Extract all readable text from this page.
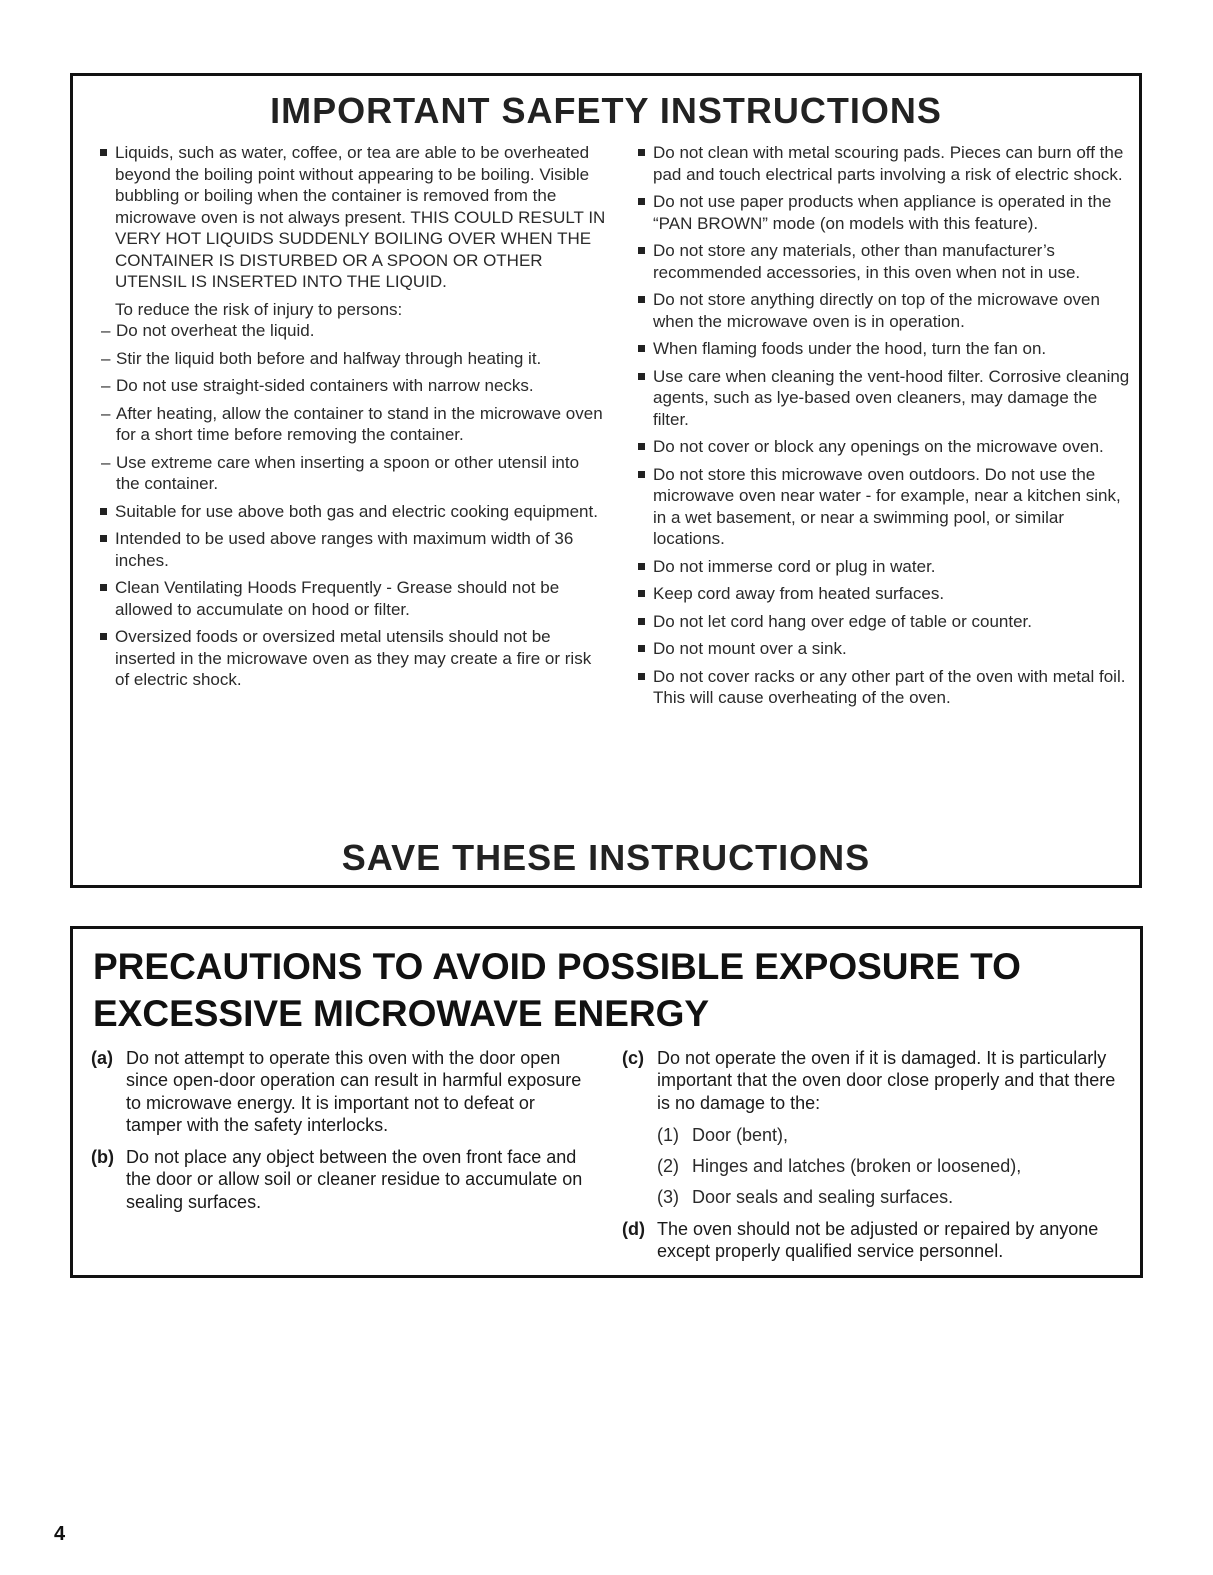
IMPORTANT SAFETY INSTRUCTIONS
Liquids, such as water, coffee, or tea are able to be overheated beyond the boiling point without appearing to be boiling. Visible bubbling or boiling when the container is removed from the microwave oven is not always present. THIS COULD RESULT IN VERY HOT LIQUIDS SUDDENLY BOILING OVER WHEN THE CONTAINER IS DISTURBED OR A SPOON OR OTHER UTENSIL IS INSERTED INTO THE LIQUID.
To reduce the risk of injury to persons:
– Do not overheat the liquid.
– Stir the liquid both before and halfway through heating it.
– Do not use straight-sided containers with narrow necks.
– After heating, allow the container to stand in the microwave oven for a short time before removing the container.
– Use extreme care when inserting a spoon or other utensil into the container.
Suitable for use above both gas and electric cooking equipment.
Intended to be used above ranges with maximum width of 36 inches.
Clean Ventilating Hoods Frequently - Grease should not be allowed to accumulate on hood or filter.
Oversized foods or oversized metal utensils should not be inserted in the microwave oven as they may create a fire or risk of electric shock.
Do not clean with metal scouring pads. Pieces can burn off the pad and touch electrical parts involving a risk of electric shock.
Do not use paper products when appliance is operated in the “PAN BROWN” mode (on models with this feature).
Do not store any materials, other than manufacturer’s recommended accessories, in this oven when not in use.
Do not store anything directly on top of the microwave oven when the microwave oven is in operation.
When flaming foods under the hood, turn the fan on.
Use care when cleaning the vent-hood filter. Corrosive cleaning agents, such as lye-based oven cleaners, may damage the filter.
Do not cover or block any openings on the microwave oven.
Do not store this microwave oven outdoors. Do not use the microwave oven near water - for example, near a kitchen sink, in a wet basement, or near a swimming pool, or similar locations.
Do not immerse cord or plug in water.
Keep cord away from heated surfaces.
Do not let cord hang over edge of table or counter.
Do not mount over a sink.
Do not cover racks or any other part of the oven with metal foil. This will cause overheating of the oven.
SAVE THESE INSTRUCTIONS
PRECAUTIONS TO AVOID POSSIBLE EXPOSURE TO EXCESSIVE MICROWAVE ENERGY
(a) Do not attempt to operate this oven with the door open since open-door operation can result in harmful exposure to microwave energy. It is important not to defeat or tamper with the safety interlocks.
(b) Do not place any object between the oven front face and the door or allow soil or cleaner residue to accumulate on sealing surfaces.
(c) Do not operate the oven if it is damaged. It is particularly important that the oven door close properly and that there is no damage to the:
(1) Door (bent),
(2) Hinges and latches (broken or loosened),
(3) Door seals and sealing surfaces.
(d) The oven should not be adjusted or repaired by anyone except properly qualified service personnel.
4
